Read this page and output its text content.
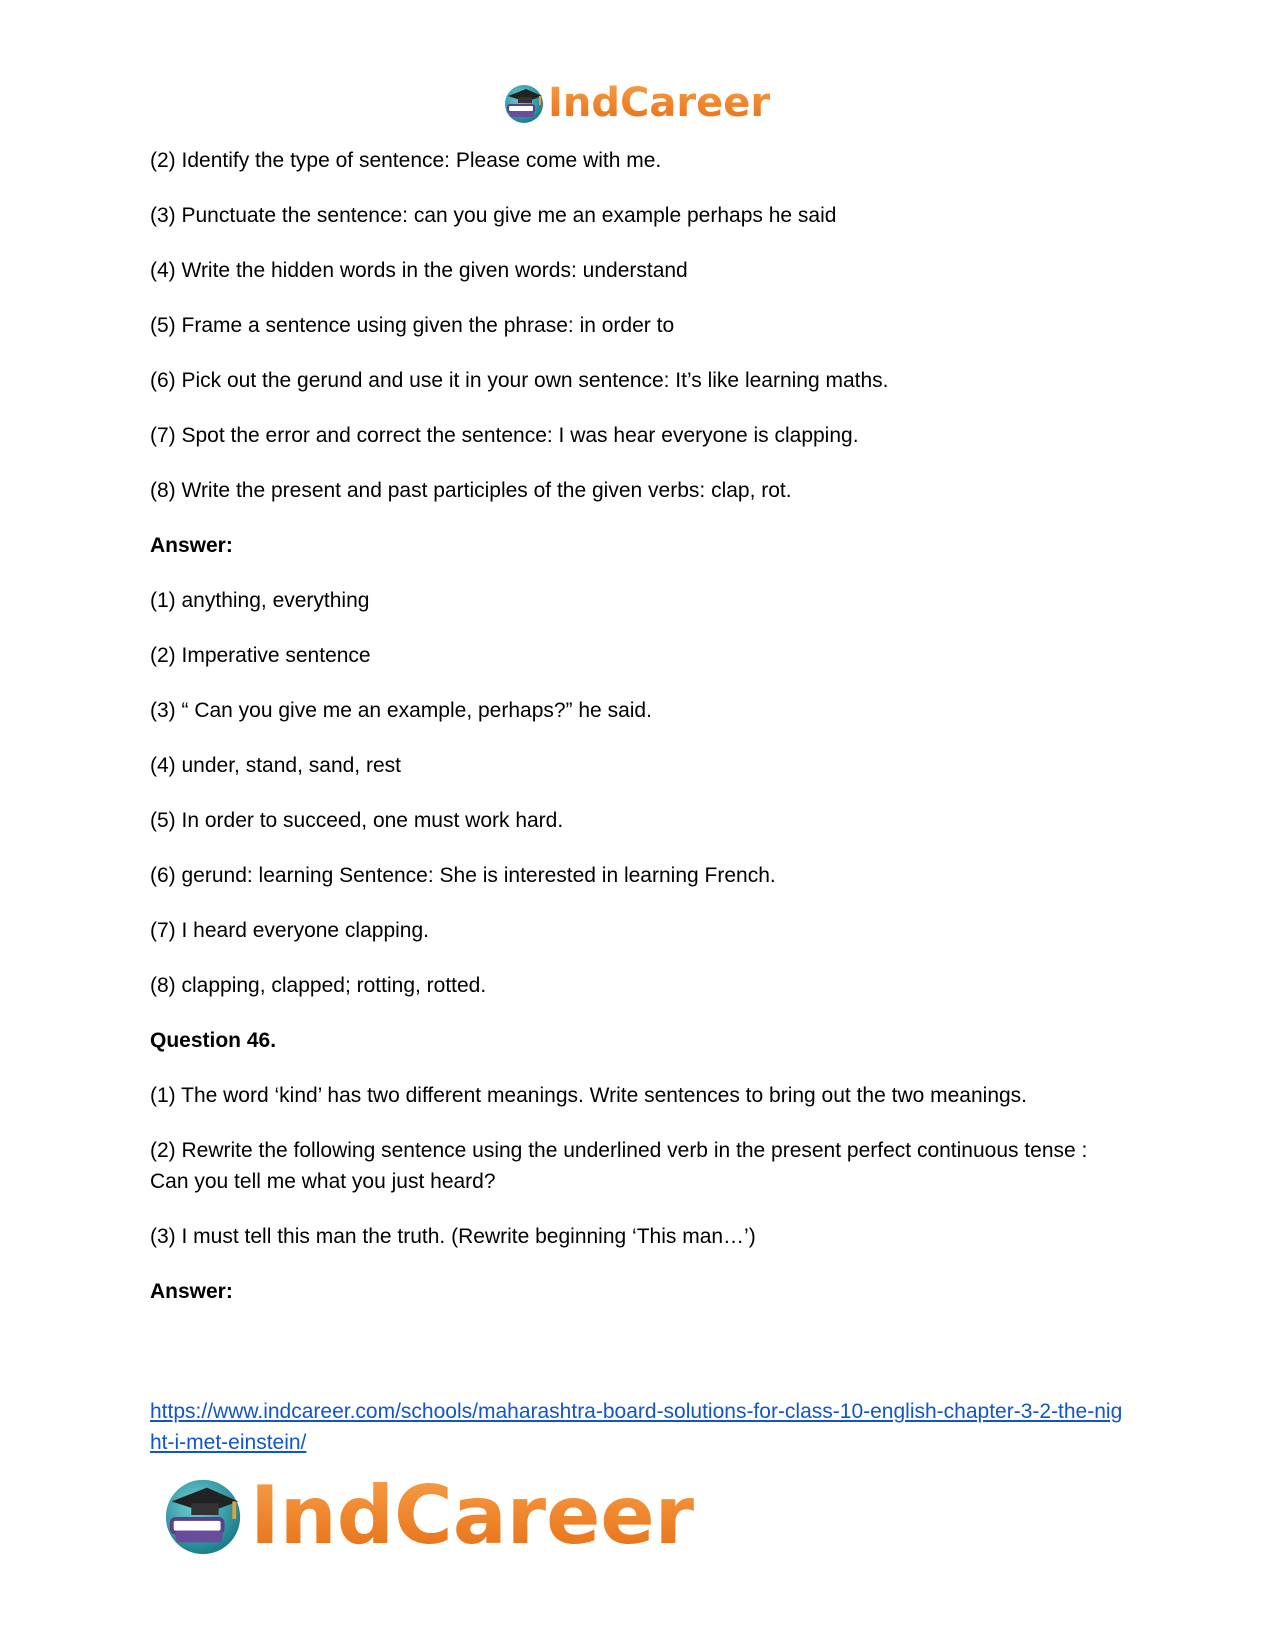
IndCareer

(2) Identify the type of sentence: Please come with me.

(3) Punctuate the sentence: can you give me an example perhaps he said

(4) Write the hidden words in the given words: understand

(5) Frame a sentence using given the phrase: in order to

(6) Pick out the gerund and use it in your own sentence: It’s like learning maths.

(7) Spot the error and correct the sentence: I was hear everyone is clapping.

(8) Write the present and past participles of the given verbs: clap, rot.

Answer:

(1) anything, everything

(2) Imperative sentence

(3) “ Can you give me an example, perhaps?” he said.

(4) under, stand, sand, rest

(5) In order to succeed, one must work hard.

(6) gerund: learning Sentence: She is interested in learning French.

(7) I heard everyone clapping.

(8) clapping, clapped; rotting, rotted.

Question 46.

(1) The word ‘kind’ has two different meanings. Write sentences to bring out the two meanings.

(2) Rewrite the following sentence using the underlined verb in the present perfect continuous tense : Can you tell me what you just heard?

(3) I must tell this man the truth. (Rewrite beginning ‘This man…’)

Answer:

https://www.indcareer.com/schools/maharashtra-board-solutions-for-class-10-english-chapter-3-2-the-night-i-met-einstein/
IndCareer
